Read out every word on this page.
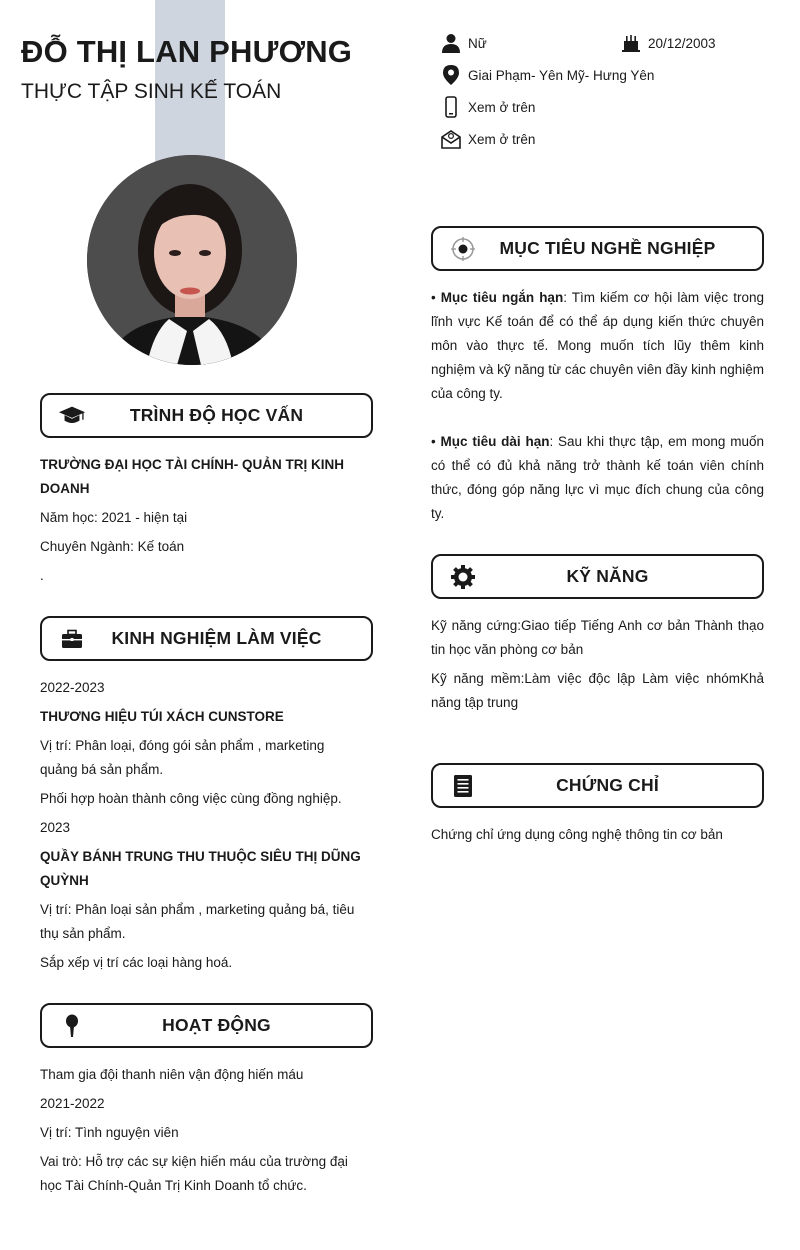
ĐỖ THỊ LAN PHƯƠNG
THỰC TẬP SINH KẾ TOÁN
Nữ	20/12/2003
Giai Phạm- Yên Mỹ- Hưng Yên
Xem ở trên
Xem ở trên
TRÌNH ĐỘ HỌC VẤN

TRƯỜNG ĐẠI HỌC TÀI CHÍNH- QUẢN TRỊ KINH DOANH

Năm học: 2021 - hiện tại

Chuyên Ngành: Kế toán

.

KINH NGHIỆM LÀM VIỆC

2022-2023

THƯƠNG HIỆU TÚI XÁCH CUNSTORE

Vị trí: Phân loại, đóng gói sản phẩm , marketing quảng bá sản phẩm.

Phối hợp hoàn thành công việc cùng đồng nghiệp.

2023

QUẦY BÁNH TRUNG THU THUỘC SIÊU THỊ DŨNG QUỲNH

Vị trí: Phân loại sản phẩm , marketing quảng bá, tiêu thụ sản phẩm.

Sắp xếp vị trí các loại hàng hoá.

HOẠT ĐỘNG

Tham gia đội thanh niên vận động hiến máu

2021-2022

Vị trí: Tình nguyện viên

Vai trò: Hỗ trợ các sự kiện hiến máu của trường đại học Tài Chính-Quản Trị Kinh Doanh tổ chức.

MỤC TIÊU NGHỀ NGHIỆP
• Mục tiêu ngắn hạn: Tìm kiếm cơ hội làm việc trong lĩnh vực Kế toán để có thể áp dụng kiến thức chuyên môn vào thực tế. Mong muốn tích lũy thêm kinh nghiệm và kỹ năng từ các chuyên viên đầy kinh nghiệm của công ty.
• Mục tiêu dài hạn: Sau khi thực tập, em mong muốn có thể có đủ khả năng trở thành kế toán viên chính thức, đóng góp năng lực vì mục đích chung của công ty.
KỸ NĂNG

Kỹ năng cứng:Giao tiếp Tiếng Anh cơ bản Thành thạo tin học văn phòng cơ bản

Kỹ năng mềm:Làm việc độc lập Làm việc nhómKhả năng tập trung

CHỨNG CHỈ

Chứng chỉ ứng dụng công nghệ thông tin cơ bản
